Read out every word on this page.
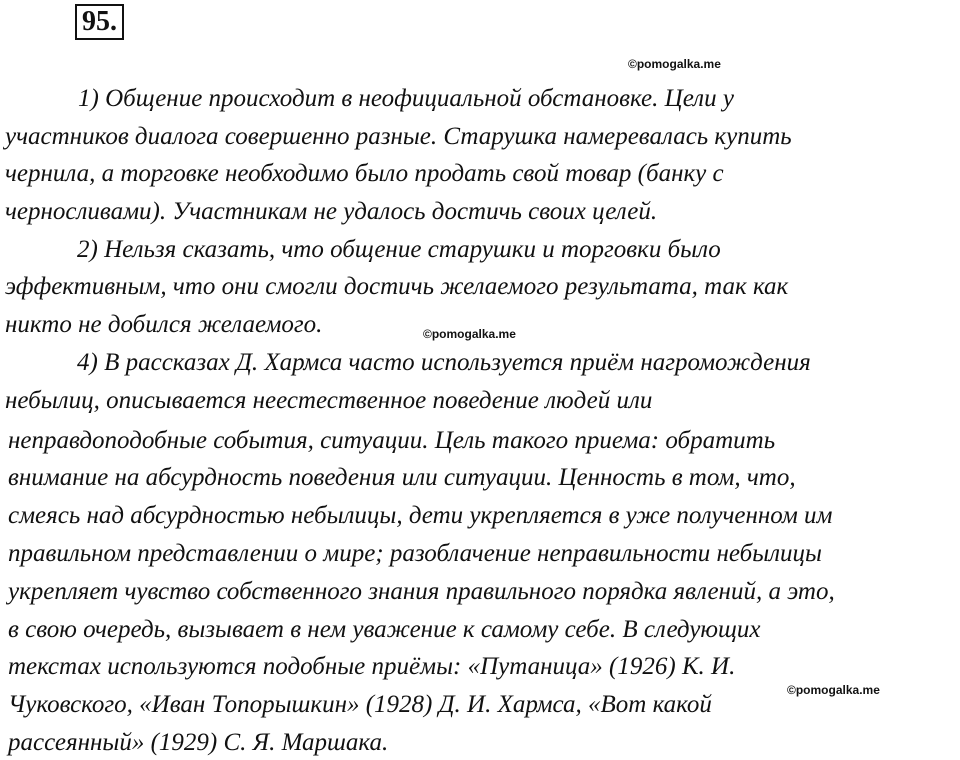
95.
©pomogalka.me
©pomogalka.me
©pomogalka.me
1) Общение происходит в неофициальной обстановке. Цели у
участников диалога совершенно разные. Старушка намеревалась купить
чернила, а торговке необходимо было продать свой товар (банку с
черносливами). Участникам не удалось достичь своих целей.
2) Нельзя сказать, что общение старушки и торговки было
эффективным, что они смогли достичь желаемого результата, так как
никто не добился желаемого.
4) В рассказах Д. Хармса часто используется приём нагромождения
небылиц, описывается неестественное поведение людей или
неправдоподобные события, ситуации. Цель такого приема: обратить
внимание на абсурдность поведения или ситуации. Ценность в том, что,
смеясь над абсурдностью небылицы, дети укрепляется в уже полученном им
правильном представлении о мире; разоблачение неправильности небылицы
укрепляет чувство собственного знания правильного порядка явлений, а это,
в свою очередь, вызывает в нем уважение к самому себе. В следующих
текстах используются подобные приёмы: «Путаница» (1926) К. И.
Чуковского, «Иван Топорышкин» (1928) Д. И. Хармса, «Вот какой
рассеянный» (1929) С. Я. Маршака.
